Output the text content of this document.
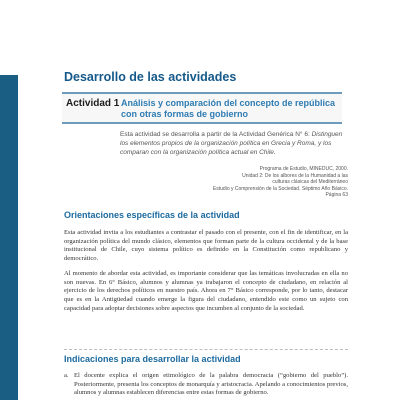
Desarrollo de las actividades
Actividad 1 Análisis y comparación del concepto de república con otras formas de gobierno

Esta actividad se desarrolla a partir de la Actividad Genérica N° 6: Distinguen los elementos propios de la organización política en Grecia y Roma, y los comparan con la organización política actual en Chile.

Programa de Estudio, MINEDUC, 2000.
Unidad 2: De los albores de la Humanidad a las
culturas clásicas del Mediterráneo
Estudio y Comprensión de la Sociedad. Séptimo Año Básico.
Página 63
Orientaciones específicas de la actividad

Esta actividad invita a los estudiantes a contrastar el pasado con el presente, con el fin de identificar, en la organización política del mundo clásico, elementos que forman parte de la cultura occidental y de la base institucional de Chile, cuyo sistema político es definido en la Constitución como republicano y democrático.

Al momento de abordar esta actividad, es importante considerar que las temáticas involucradas en ella no son nuevas. En 6° Básico, alumnos y alumnas ya trabajaron el concepto de ciudadano, en relación al ejercicio de los derechos políticos en nuestro país. Ahora en 7° Básico corresponde, por lo tanto, destacar que es en la Antigüedad cuando emerge la figura del ciudadano, entendido este como un sujeto con capacidad para adoptar decisiones sobre aspectos que incumben al conjunto de la sociedad.

Indicaciones para desarrollar la actividad
a. El docente explica el origen etimológico de la palabra democracia (“gobierno del pueblo”). Posteriormente, presenta los conceptos de monarquía y aristocracia. Apelando a conocimientos previos, alumnos y alumnas establecen diferencias entre estas formas de gobierno.
